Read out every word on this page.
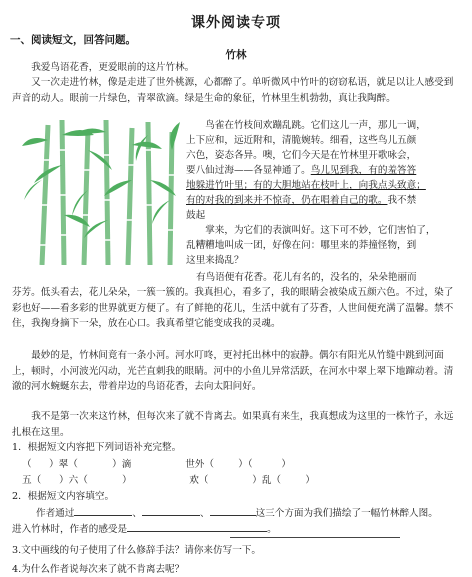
课外阅读专项
一、阅读短文，回答问题。
竹林

我爱鸟语花香，更爱眼前的这片竹林。

又一次走进竹林，像是走进了世外桃源，心都醉了。单听微风中竹叶的窃窃私语，就足以让人感受到声音的动人。眼前一片绿色，青翠欲滴。绿是生命的象征，竹林里生机勃勃，真让我陶醉。

鸟雀在竹枝间欢蹦乱跳。它们这儿一声，那儿一调，

上下应和，远近附和，清脆婉转。细看，这些鸟儿五颜

六色，姿态各异。噢，它们今天是在竹林里开歌咏会，

要八仙过海——各显神通了。鸟儿见到我，有的羞答答

地躲进竹叶里；有的大胆地站在枝叶上，向我点头致意；

有的对我的到来并不惊奇，仍在唱着自己的歌。我不禁

鼓起

掌来，为它们的表演叫好。这下可不妙，它们害怕了，

乱糟糟地叫成一团，好像在问：哪里来的莽撞怪物，到

这里来捣乱？

有鸟语便有花香。花儿有名的，没名的，朵朵艳丽而

芬芳。低头看去，花儿朵朵，一簇一簇的。我真担心，看多了，我的眼睛会被染成五颜六色。不过，染了彩也好——看多彩的世界就更方便了。有了鲜艳的花儿，生活中就有了芬香，人世间便充满了温馨。禁不住，我掬身摘下一朵，放在心口。我真希望它能变成我的灵魂。

最妙的是，竹林间竟有一条小河。河水叮咚，更衬托出林中的寂静。偶尔有阳光从竹缝中跳到河面上，顿时，小河波光闪动，光芒直刺我的眼睛。河中的小鱼儿异常活跃，在河水中翠上翠下地蹿动着。清澈的河水蜿蜒东去，带着岸边的鸟语花香，去向太阳问好。

我不是第一次来这竹林，但每次来了就不肯离去。如果真有来生，我真想成为这里的一株竹子，永远扎根在这里。

1．根据短文内容把下列词语补充完整。
（ ）翠（	）滴	世外（	）（	）
五（ ）六（	）	欢（	）乱（	）
2．根据短文内容填空。
作者通过	、	、	这三个方面为我们描绘了一幅竹林醉人图。
进入竹林时，作者的感受是	。
3.文中画线的句子使用了什么修辞手法？请你来仿写一下。
4.为什么作者说每次来了就不肯离去呢？
